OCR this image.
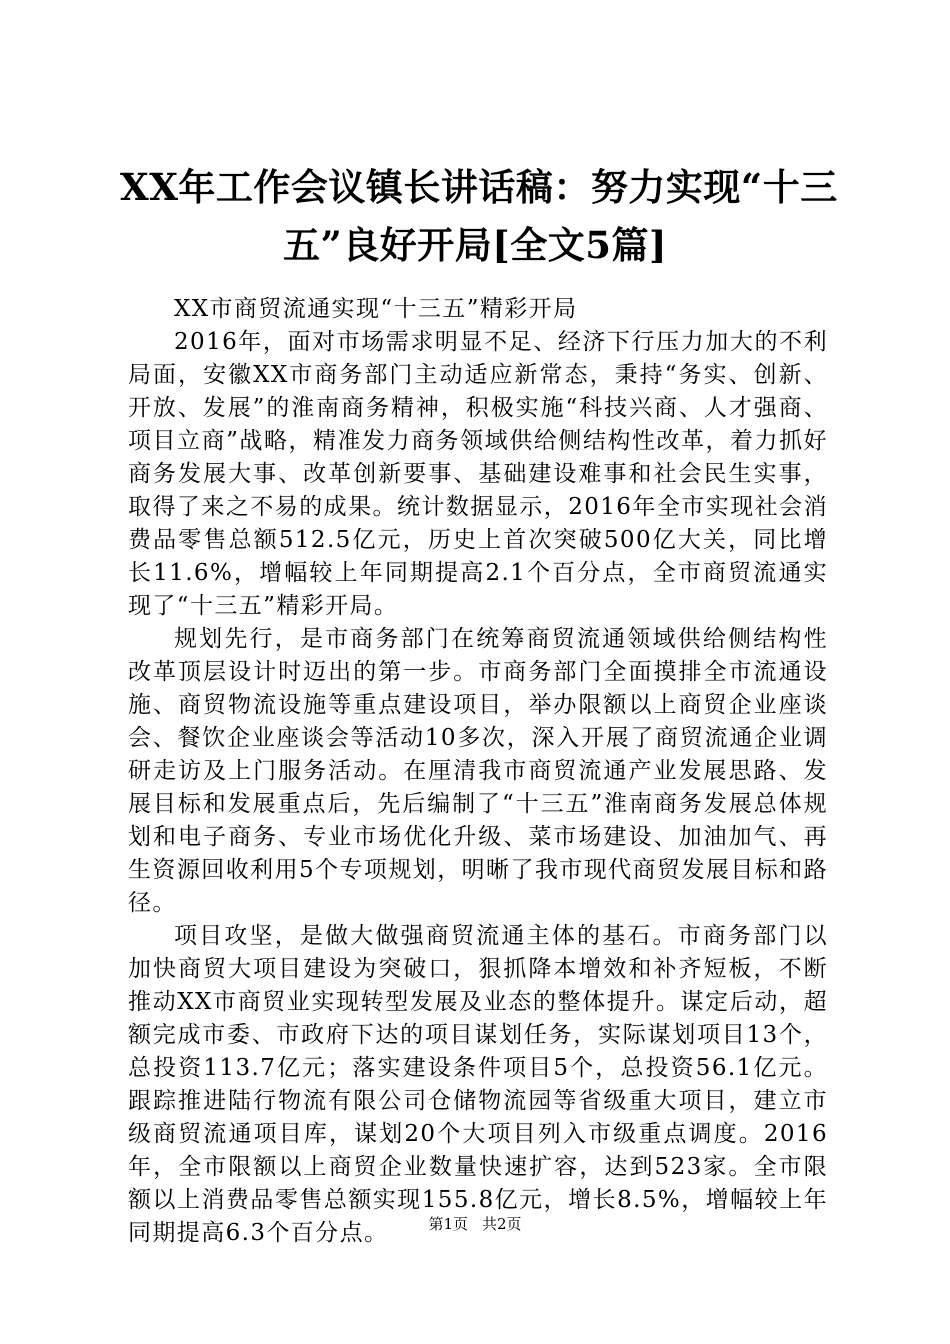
XX年工作会议镇长讲话稿：努力实现“十三
五”良好开局[全文5篇]

XX市商贸流通实现“十三五”精彩开局

2016年，面对市场需求明显不足、经济下行压力加大的不利局面，安徽XX市商务部门主动适应新常态，秉持“务实、创新、开放、发展”的淮南商务精神，积极实施“科技兴商、人才强商、项目立商”战略，精准发力商务领域供给侧结构性改革，着力抓好商务发展大事、改革创新要事、基础建设难事和社会民生实事，取得了来之不易的成果。统计数据显示，2016年全市实现社会消费品零售总额512.5亿元，历史上首次突破500亿大关，同比增长11.6%，增幅较上年同期提高2.1个百分点，全市商贸流通实现了“十三五”精彩开局。

规划先行，是市商务部门在统筹商贸流通领域供给侧结构性改革顶层设计时迈出的第一步。市商务部门全面摸排全市流通设施、商贸物流设施等重点建设项目，举办限额以上商贸企业座谈会、餐饮企业座谈会等活动10多次，深入开展了商贸流通企业调研走访及上门服务活动。在厘清我市商贸流通产业发展思路、发展目标和发展重点后，先后编制了“十三五”淮南商务发展总体规划和电子商务、专业市场优化升级、菜市场建设、加油加气、再生资源回收利用5个专项规划，明晰了我市现代商贸发展目标和路径。

项目攻坚，是做大做强商贸流通主体的基石。市商务部门以加快商贸大项目建设为突破口，狠抓降本增效和补齐短板，不断推动XX市商贸业实现转型发展及业态的整体提升。谋定后动，超额完成市委、市政府下达的项目谋划任务，实际谋划项目13个，总投资113.7亿元；落实建设条件项目5个，总投资56.1亿元。跟踪推进陆行物流有限公司仓储物流园等省级重大项目，建立市级商贸流通项目库，谋划20个大项目列入市级重点调度。2016年，全市限额以上商贸企业数量快速扩容，达到523家。全市限额以上消费品零售总额实现155.8亿元，增长8.5%，增幅较上年同期提高6.3个百分点。	第1页 共2页
